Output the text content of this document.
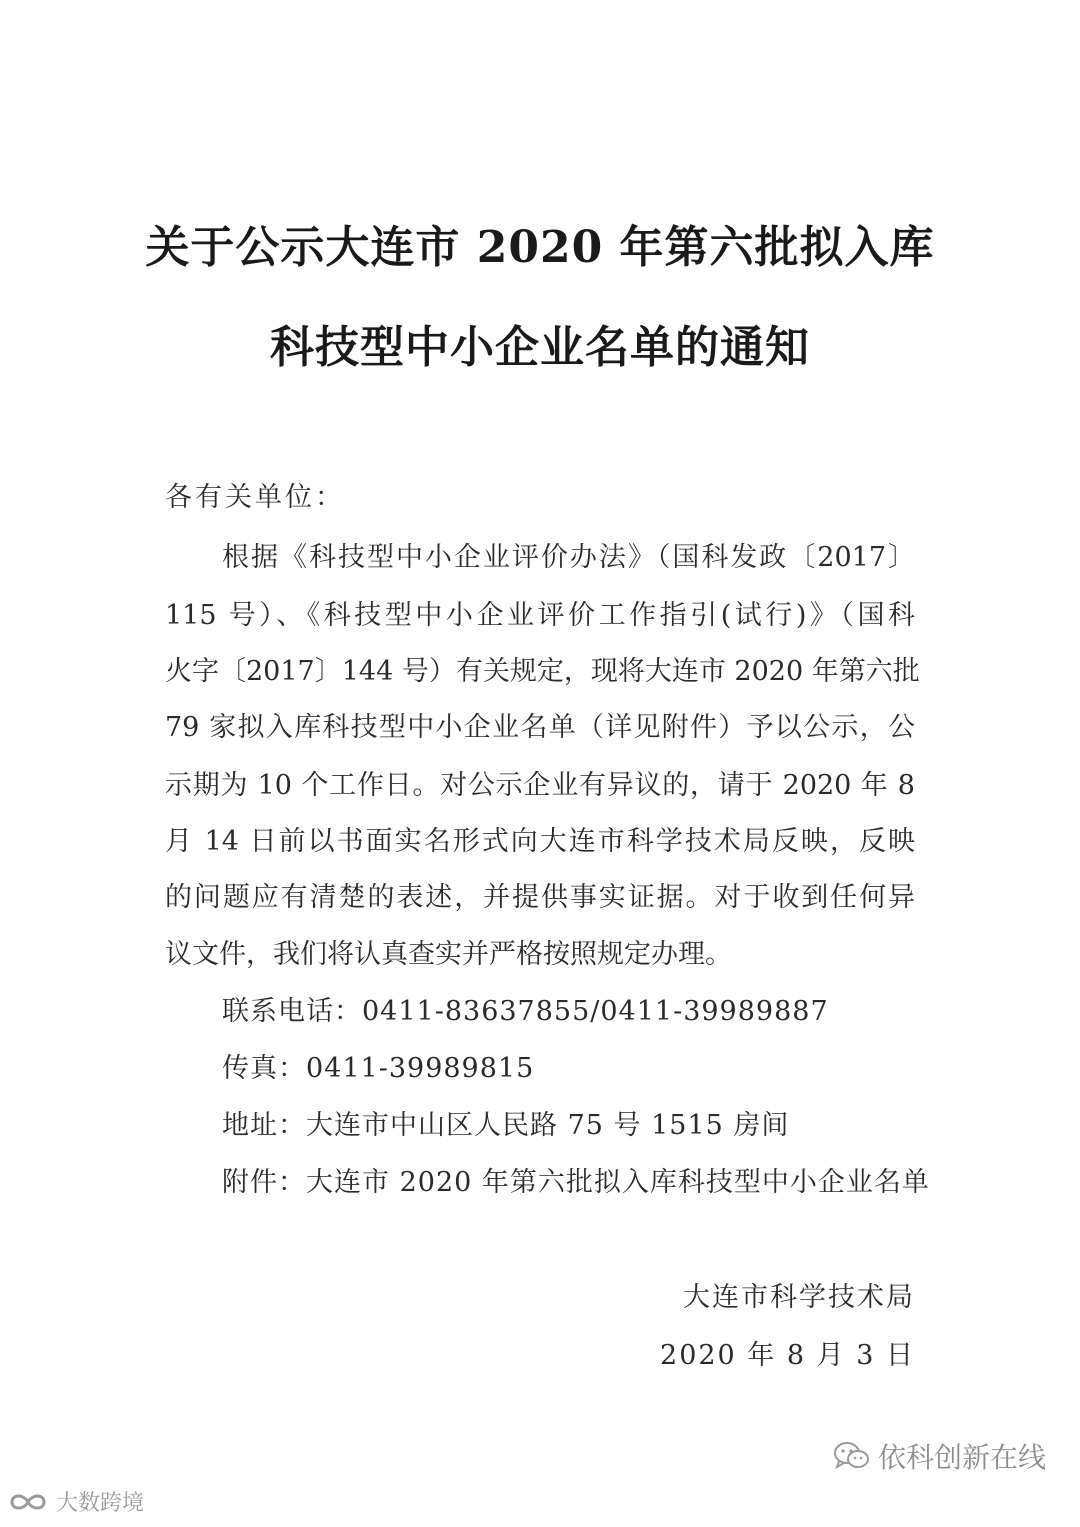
关于公示大连市 2020 年第六批拟入库
科技型中小企业名单的通知
各有关单位：
根据《科技型中小企业评价办法》（国科发政〔2017〕
115 号）、《科技型中小企业评价工作指引(试行)》（国科
火字〔2017〕144 号）有关规定，现将大连市 2020 年第六批
79 家拟入库科技型中小企业名单（详见附件）予以公示，公
示期为 10 个工作日。对公示企业有异议的，请于 2020 年 8
月 14 日前以书面实名形式向大连市科学技术局反映，反映
的问题应有清楚的表述，并提供事实证据。对于收到任何异
议文件，我们将认真查实并严格按照规定办理。
联系电话：0411-83637855/0411-39989887
传真：0411-39989815
地址：大连市中山区人民路 75 号 1515 房间
附件：大连市 2020 年第六批拟入库科技型中小企业名单
大连市科学技术局
2020 年 8 月 3 日
依科创新在线
大数跨境
